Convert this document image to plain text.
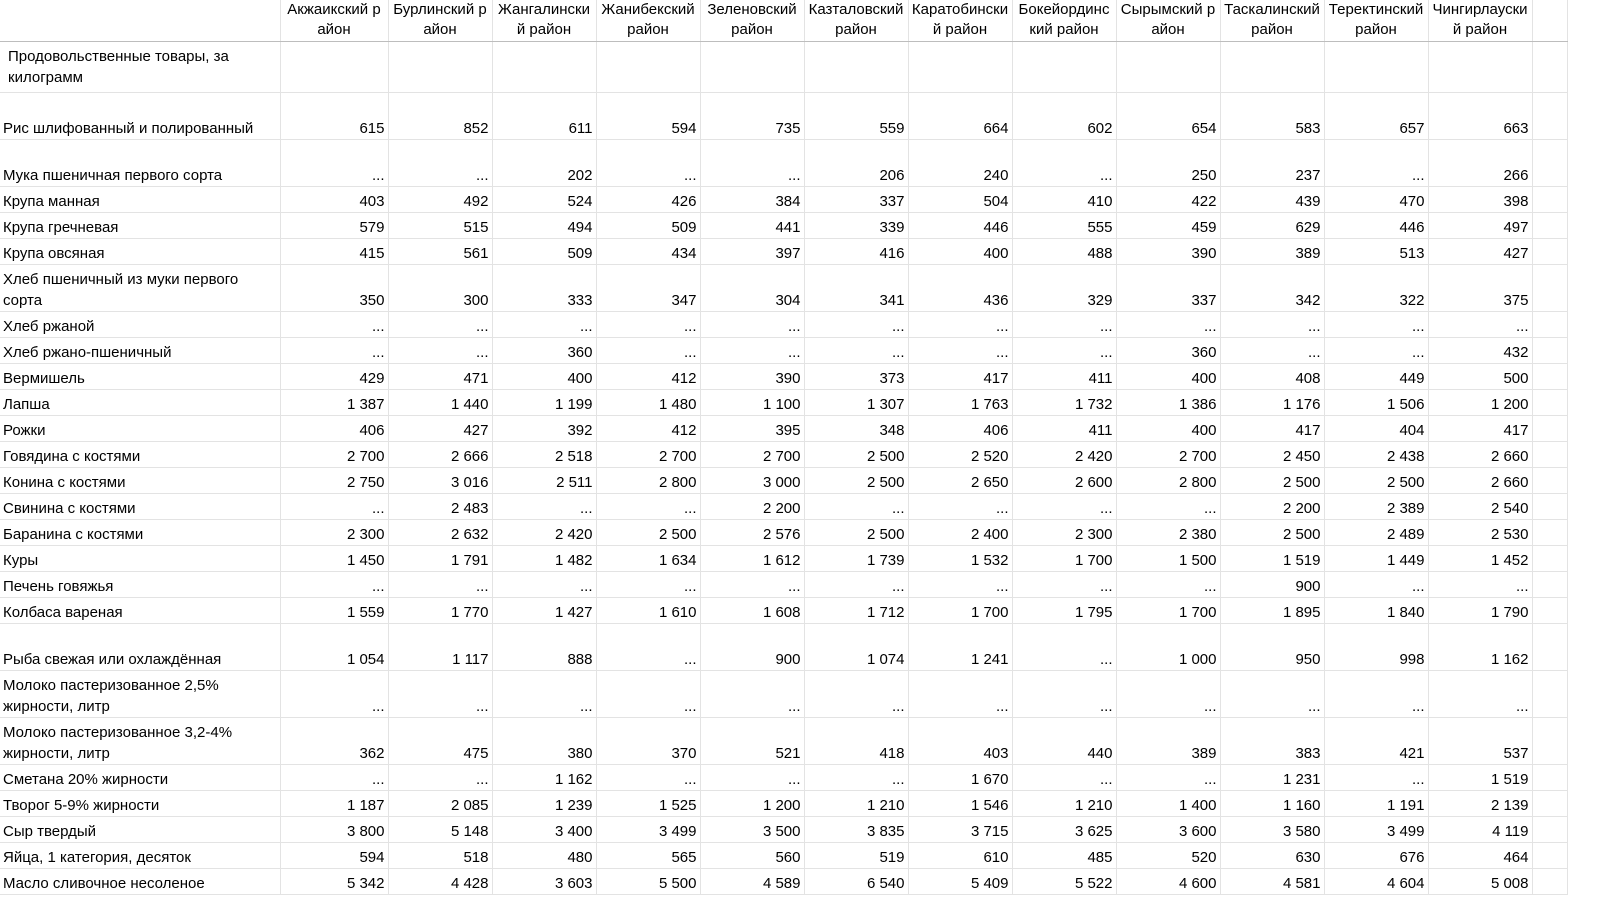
	Акжаикский район	Бурлинский район	Жангалинский район	Жанибекский район	Зеленовский район	Казталовский район	Каратобинский район	Бокейординский район	Сырымский район	Таскалинский район	Теректинский район	Чингирлауский район	
Продовольственные товары, за килограмм													
Рис шлифованный и полированный	615	852	611	594	735	559	664	602	654	583	657	663	
Мука пшеничная первого сорта	...	...	202	...	...	206	240	...	250	237	...	266	
Крупа манная	403	492	524	426	384	337	504	410	422	439	470	398	
Крупа гречневая	579	515	494	509	441	339	446	555	459	629	446	497	
Крупа овсяная	415	561	509	434	397	416	400	488	390	389	513	427	
Хлеб пшеничный из муки первого сорта	350	300	333	347	304	341	436	329	337	342	322	375	
Хлеб ржаной	...	...	...	...	...	...	...	...	...	...	...	...	
Хлеб ржано-пшеничный	...	...	360	...	...	...	...	...	360	...	...	432	
Вермишель	429	471	400	412	390	373	417	411	400	408	449	500	
Лапша	1 387	1 440	1 199	1 480	1 100	1 307	1 763	1 732	1 386	1 176	1 506	1 200	
Рожки	406	427	392	412	395	348	406	411	400	417	404	417	
Говядина с костями	2 700	2 666	2 518	2 700	2 700	2 500	2 520	2 420	2 700	2 450	2 438	2 660	
Конина с костями	2 750	3 016	2 511	2 800	3 000	2 500	2 650	2 600	2 800	2 500	2 500	2 660	
Свинина с костями	...	2 483	...	...	2 200	...	...	...	...	2 200	2 389	2 540	
Баранина с костями	2 300	2 632	2 420	2 500	2 576	2 500	2 400	2 300	2 380	2 500	2 489	2 530	
Куры	1 450	1 791	1 482	1 634	1 612	1 739	1 532	1 700	1 500	1 519	1 449	1 452	
Печень говяжья	...	...	...	...	...	...	...	...	...	900	...	...	
Колбаса вареная	1 559	1 770	1 427	1 610	1 608	1 712	1 700	1 795	1 700	1 895	1 840	1 790	
Рыба свежая или охлаждённая	1 054	1 117	888	...	900	1 074	1 241	...	1 000	950	998	1 162	
Молоко пастеризованное 2,5% жирности, литр	...	...	...	...	...	...	...	...	...	...	...	...	
Молоко пастеризованное 3,2-4% жирности, литр	362	475	380	370	521	418	403	440	389	383	421	537	
Сметана 20% жирности	...	...	1 162	...	...	...	1 670	...	...	1 231	...	1 519	
Творог 5-9% жирности	1 187	2 085	1 239	1 525	1 200	1 210	1 546	1 210	1 400	1 160	1 191	2 139	
Сыр твердый	3 800	5 148	3 400	3 499	3 500	3 835	3 715	3 625	3 600	3 580	3 499	4 119	
Яйца, 1 категория, десяток	594	518	480	565	560	519	610	485	520	630	676	464	
Масло сливочное несоленое	5 342	4 428	3 603	5 500	4 589	6 540	5 409	5 522	4 600	4 581	4 604	5 008	
